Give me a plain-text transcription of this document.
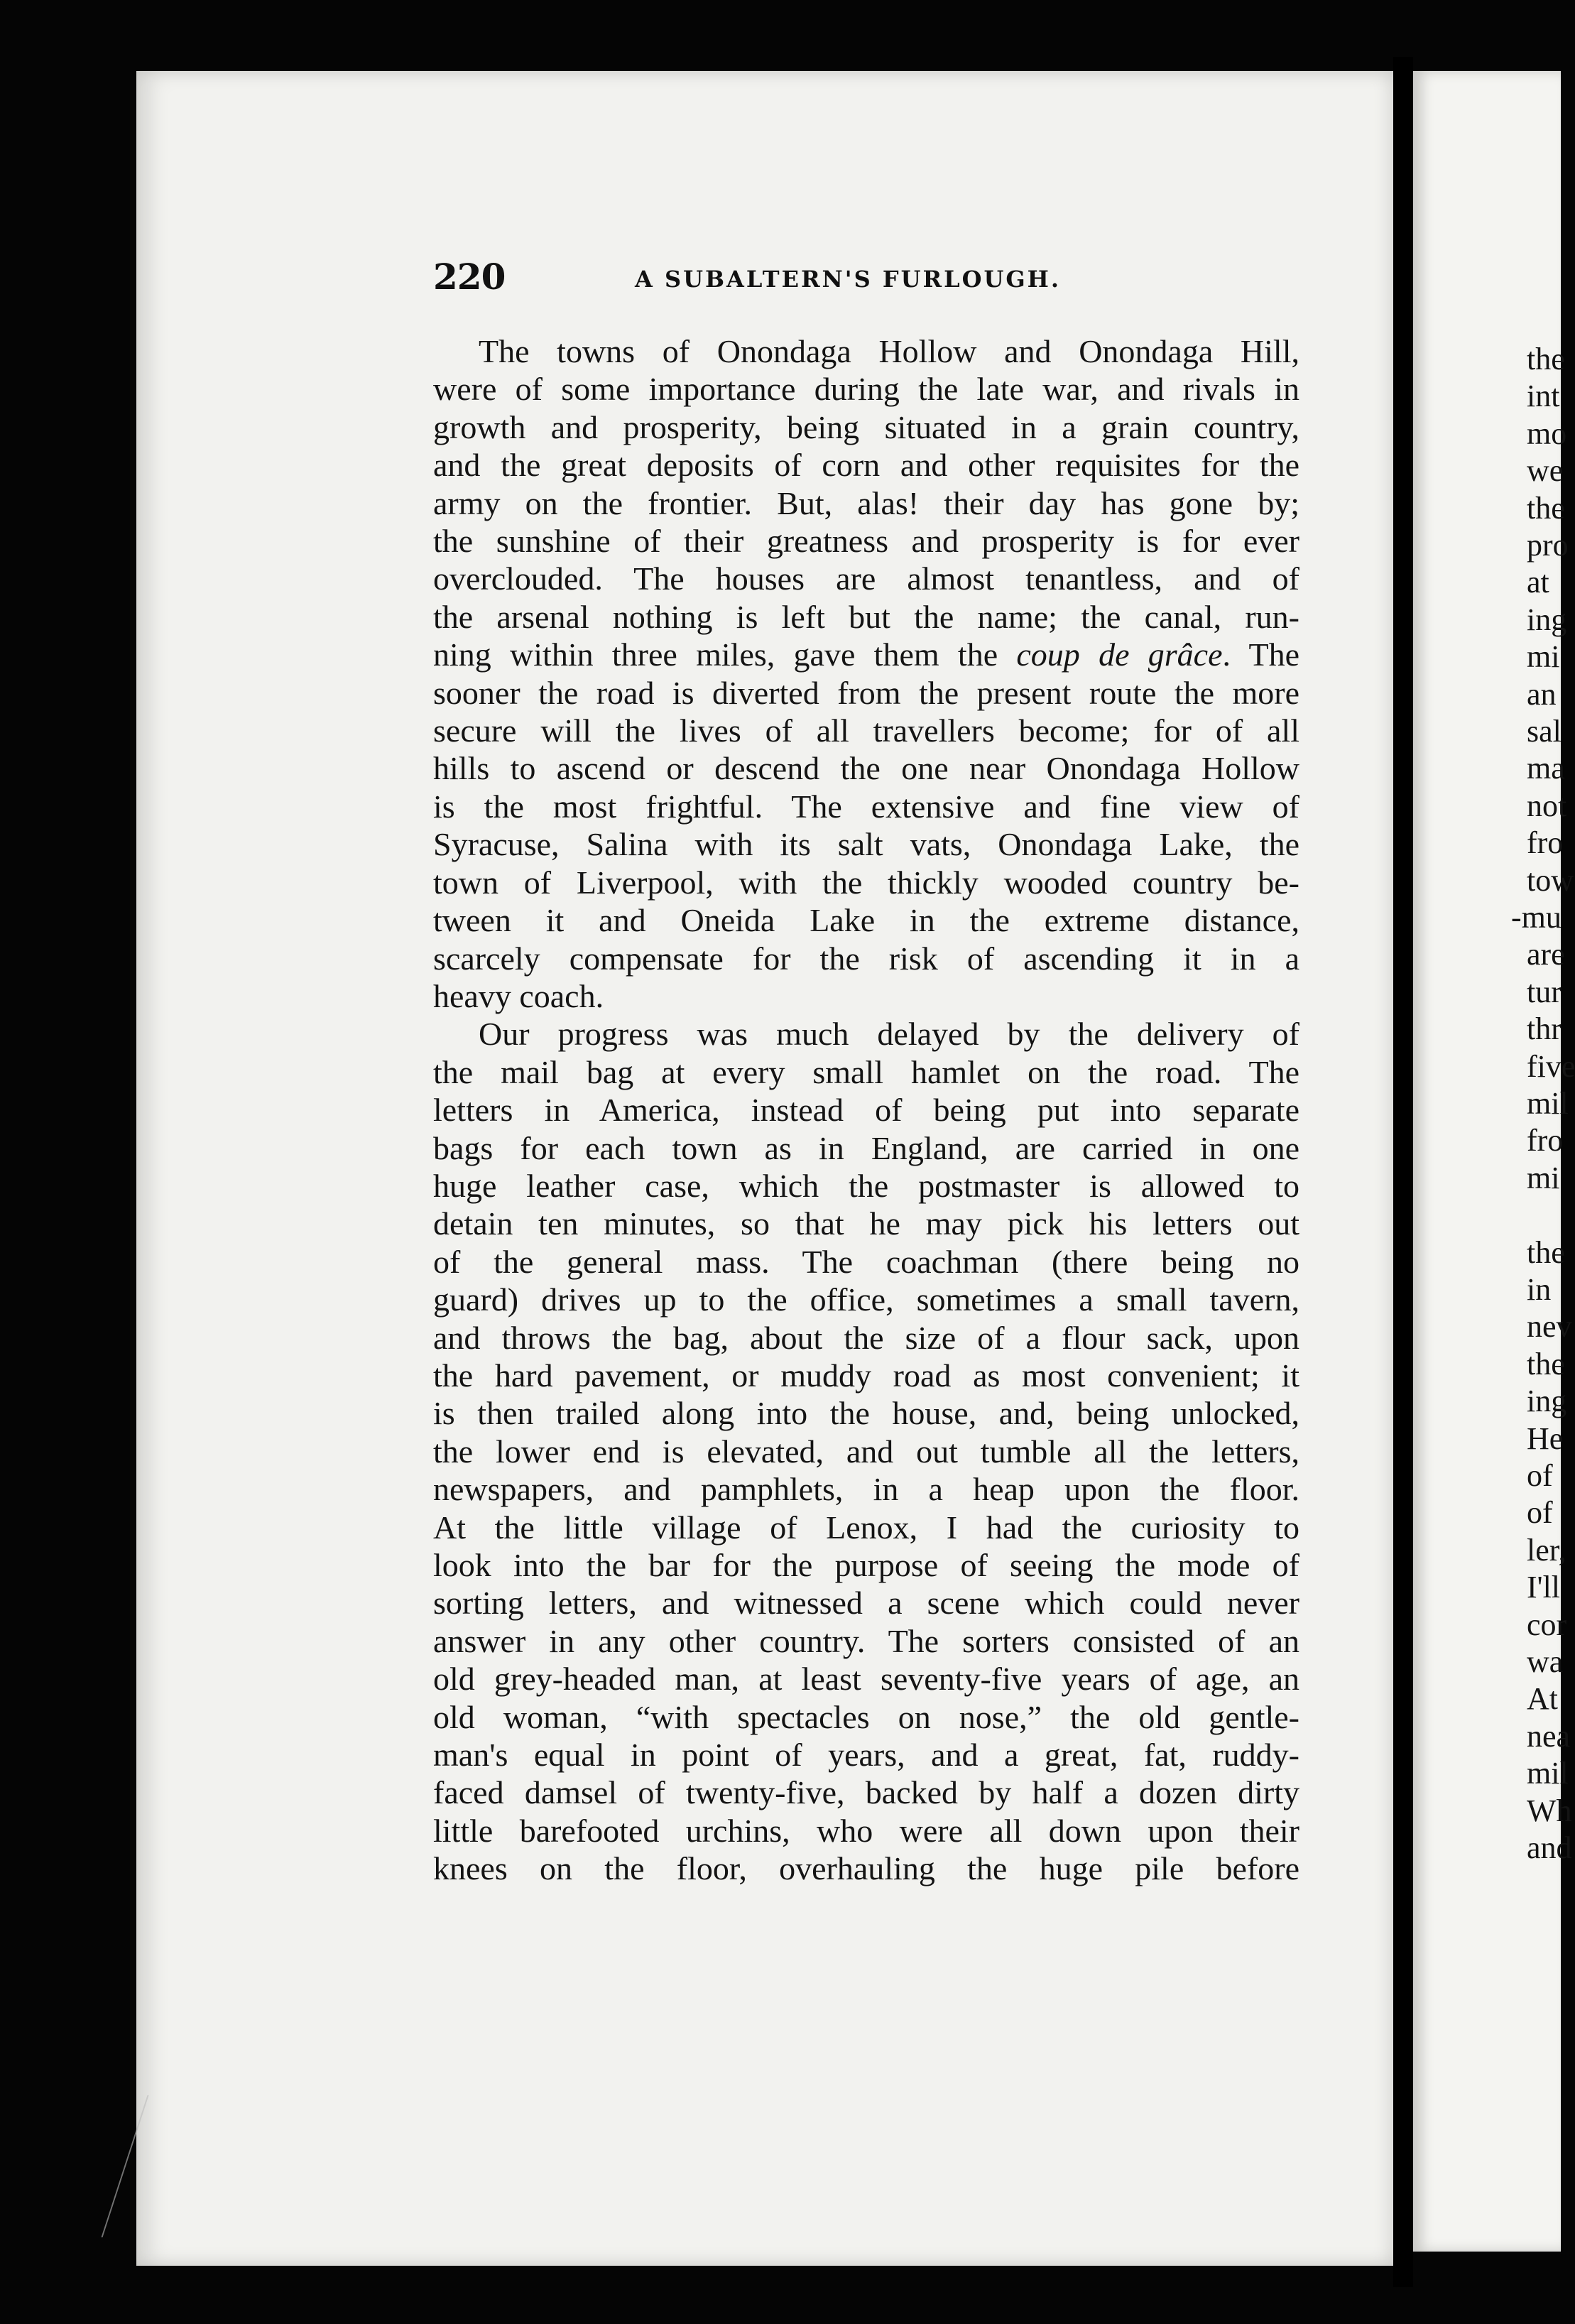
220	A SUBALTERN'S FURLOUGH.
The towns of Onondaga Hollow and Onondaga Hill,
were of some importance during the late war, and rivals in
growth and prosperity, being situated in a grain country,
and the great deposits of corn and other requisites for the
army on the frontier. But, alas! their day has gone by;
the sunshine of their greatness and prosperity is for ever
overclouded. The houses are almost tenantless, and of
the arsenal nothing is left but the name; the canal, run-
ning within three miles, gave them the coup de grâce. The
sooner the road is diverted from the present route the more
secure will the lives of all travellers become; for of all
hills to ascend or descend the one near Onondaga Hollow
is the most frightful. The extensive and fine view of
Syracuse, Salina with its salt vats, Onondaga Lake, the
town of Liverpool, with the thickly wooded country be-
tween it and Oneida Lake in the extreme distance,
scarcely compensate for the risk of ascending it in a
heavy coach.
Our progress was much delayed by the delivery of
the mail bag at every small hamlet on the road. The
letters in America, instead of being put into separate
bags for each town as in England, are carried in one
huge leather case, which the postmaster is allowed to
detain ten minutes, so that he may pick his letters out
of the general mass. The coachman (there being no
guard) drives up to the office, sometimes a small tavern,
and throws the bag, about the size of a flour sack, upon
the hard pavement, or muddy road as most convenient; it
is then trailed along into the house, and, being unlocked,
the lower end is elevated, and out tumble all the letters,
newspapers, and pamphlets, in a heap upon the floor.
At the little village of Lenox, I had the curiosity to
look into the bar for the purpose of seeing the mode of
sorting letters, and witnessed a scene which could never
answer in any other country. The sorters consisted of an
old grey-headed man, at least seventy-five years of age, an
old woman, “with spectacles on nose,” the old gentle-
man's equal in point of years, and a great, fat, ruddy-
faced damsel of twenty-five, backed by half a dozen dirty
little barefooted urchins, who were all down upon their
knees on the floor, overhauling the huge pile before
the
int
mo
we
the
pro
at
ing
mi
an
sal
ma
not
fro
tow
-mu
are
tur
thr
five
mil
fro
mi
the
in
nev
the
ing
He
of
of
ler,
I'll
cor
wa
At
nea
mil
Wh
and
